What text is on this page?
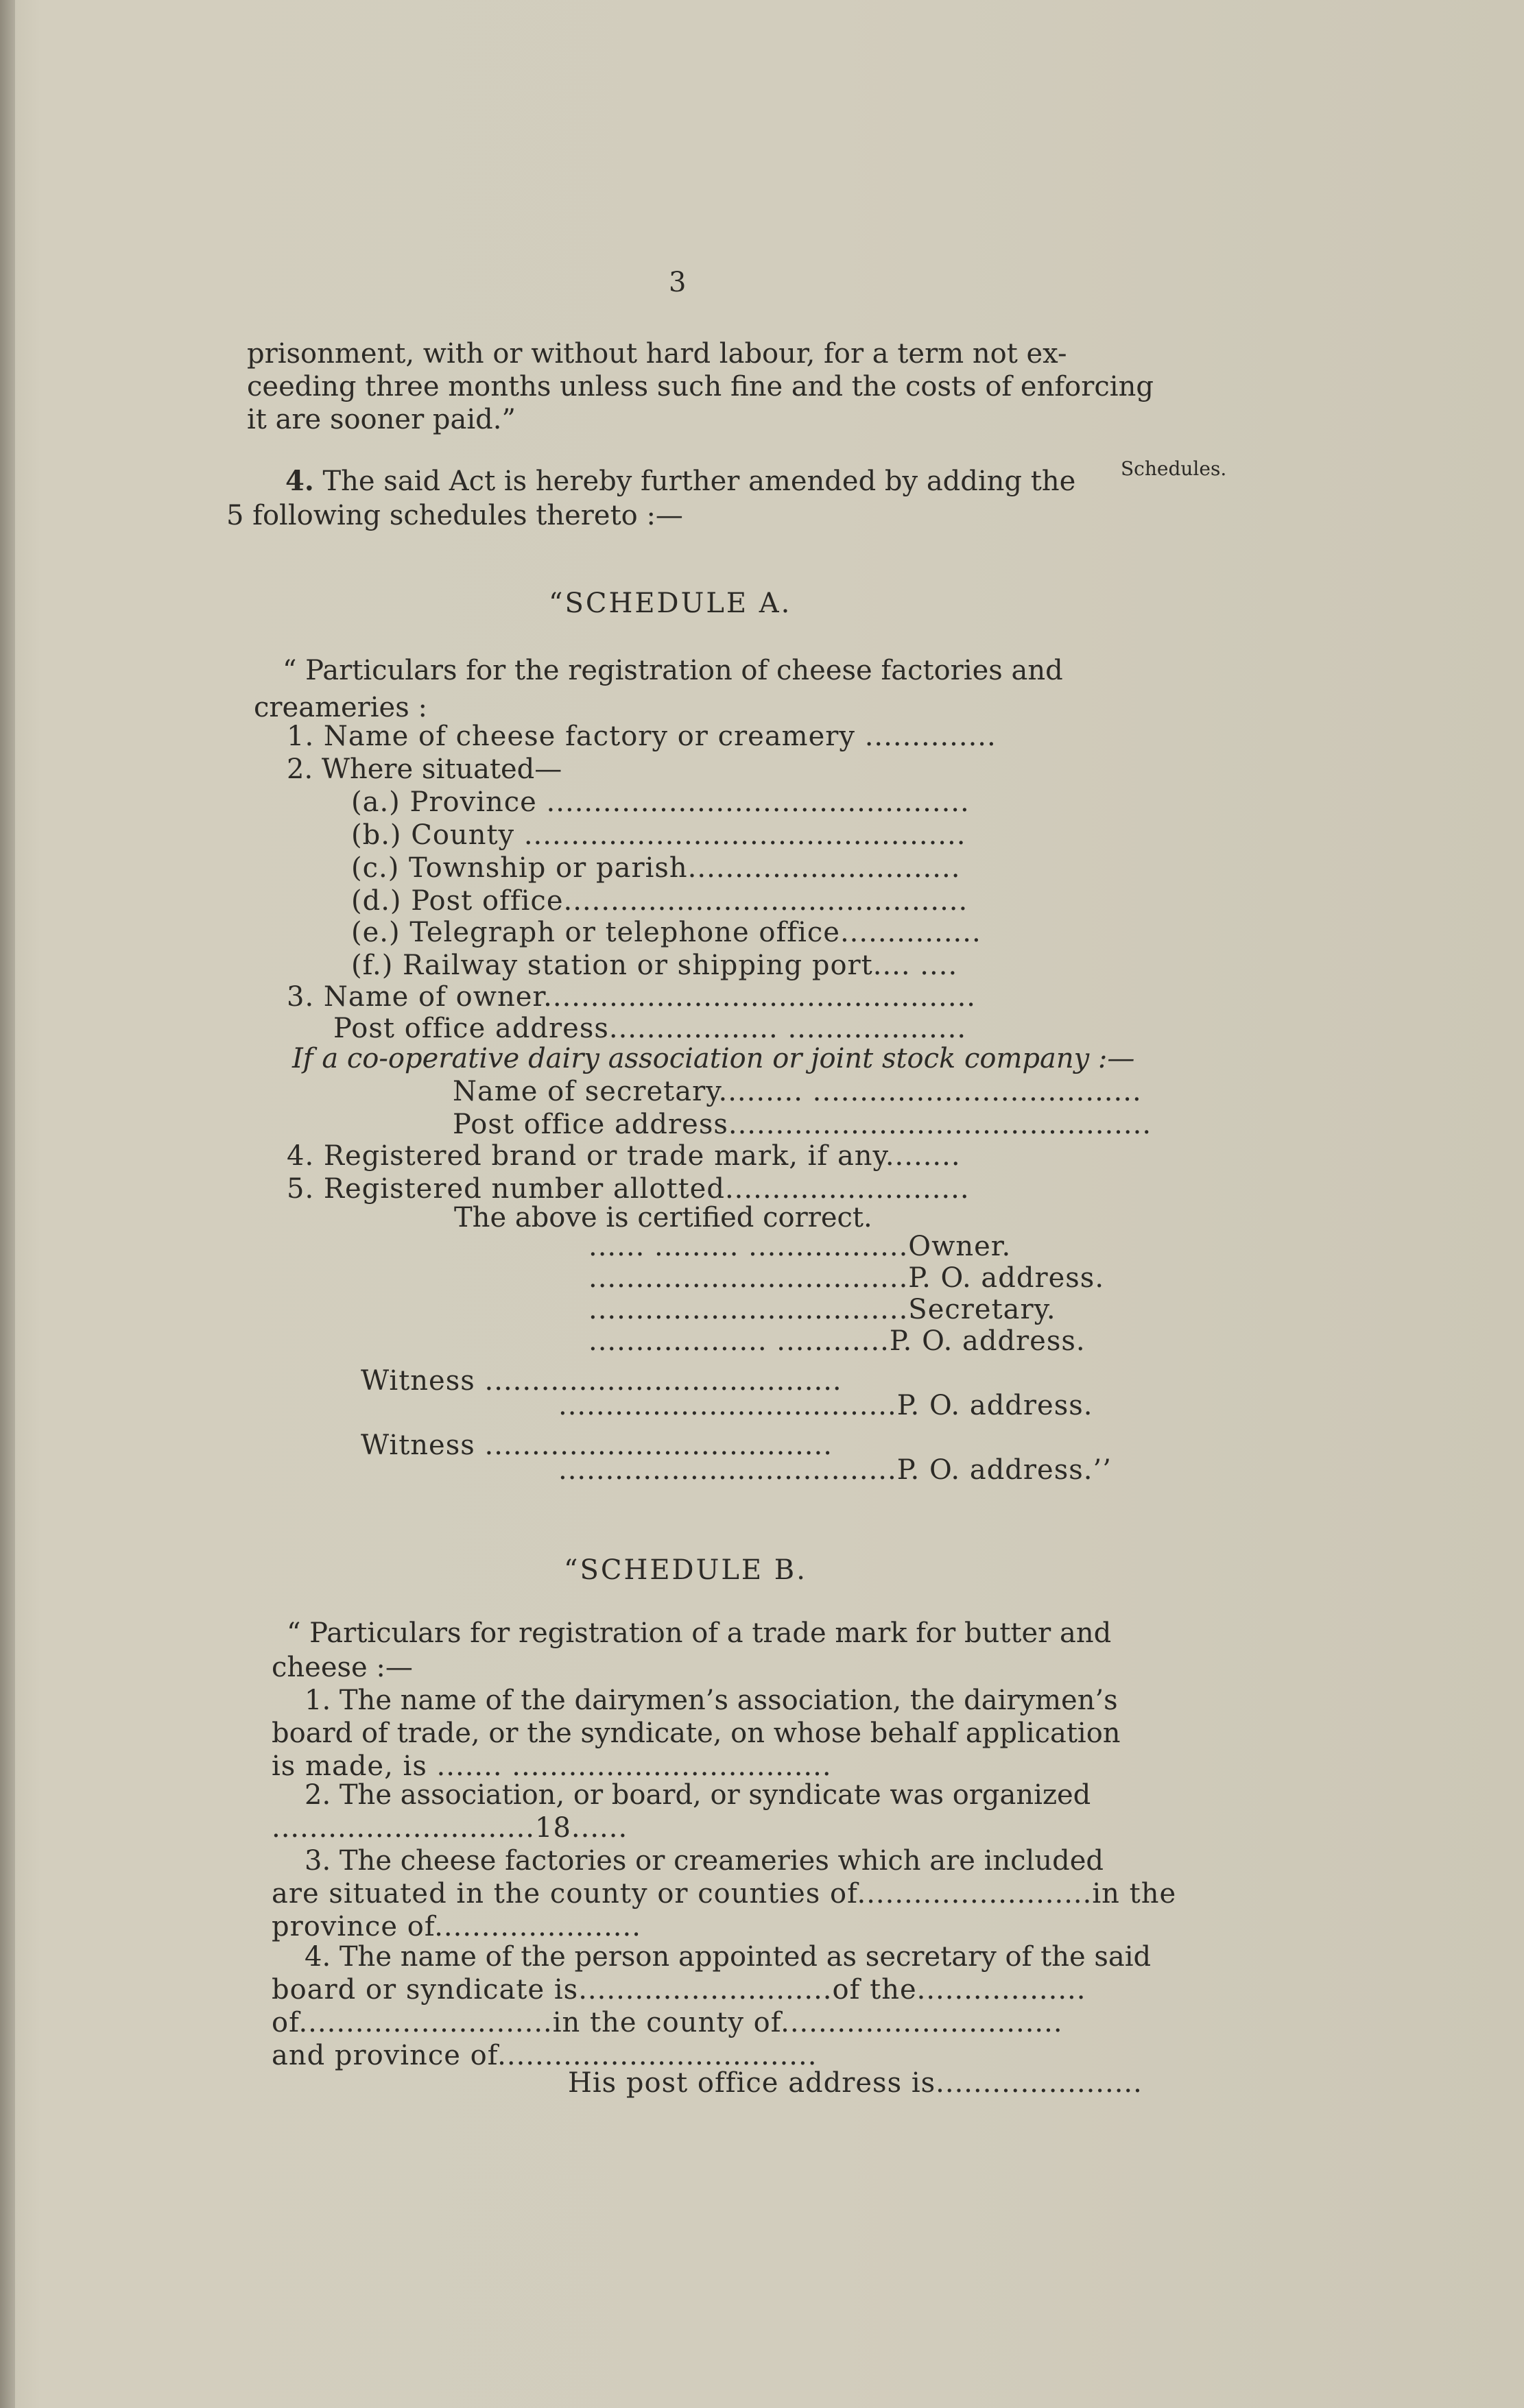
3
prisonment, with or without hard labour, for a term not ex-
ceeding three months unless such fine and the costs of enforcing
it are sooner paid.”
4. The said Act is hereby further amended by adding the Schedules.
5 following schedules thereto :—
“SCHEDULE A.
“ Particulars for the registration of cheese factories and
creameries :
1. Name of cheese factory or creamery ..............
2. Where situated—
(a.) Province .............................................
(b.) County ...............................................
(c.) Township or parish.............................
(d.) Post office...........................................
(e.) Telegraph or telephone office...............
(f.) Railway station or shipping port.... ....
3. Name of owner..............................................
Post office address.................. ...................
If a co-operative dairy association or joint stock company :—
Name of secretary......... ...................................
Post office address.............................................
4. Registered brand or trade mark, if any........
5. Registered number allotted..........................
The above is certified correct.
...... ......... .................Owner.
..................................P. O. address.
..................................Secretary.
................... ............P. O. address.
Witness ......................................
....................................P. O. address.
Witness .....................................
....................................P. O. address.’’
“SCHEDULE B.
“ Particulars for registration of a trade mark for butter and
cheese :—
1. The name of the dairymen’s association, the dairymen’s
board of trade, or the syndicate, on whose behalf application
is made, is ....... ..................................
2. The association, or board, or syndicate was organized
............................18......
3. The cheese factories or creameries which are included
are situated in the county or counties of.........................in the
province of......................
4. The name of the person appointed as secretary of the said
board or syndicate is...........................of the..................
of...........................in the county of..............................
and province of..................................
His post office address is......................
